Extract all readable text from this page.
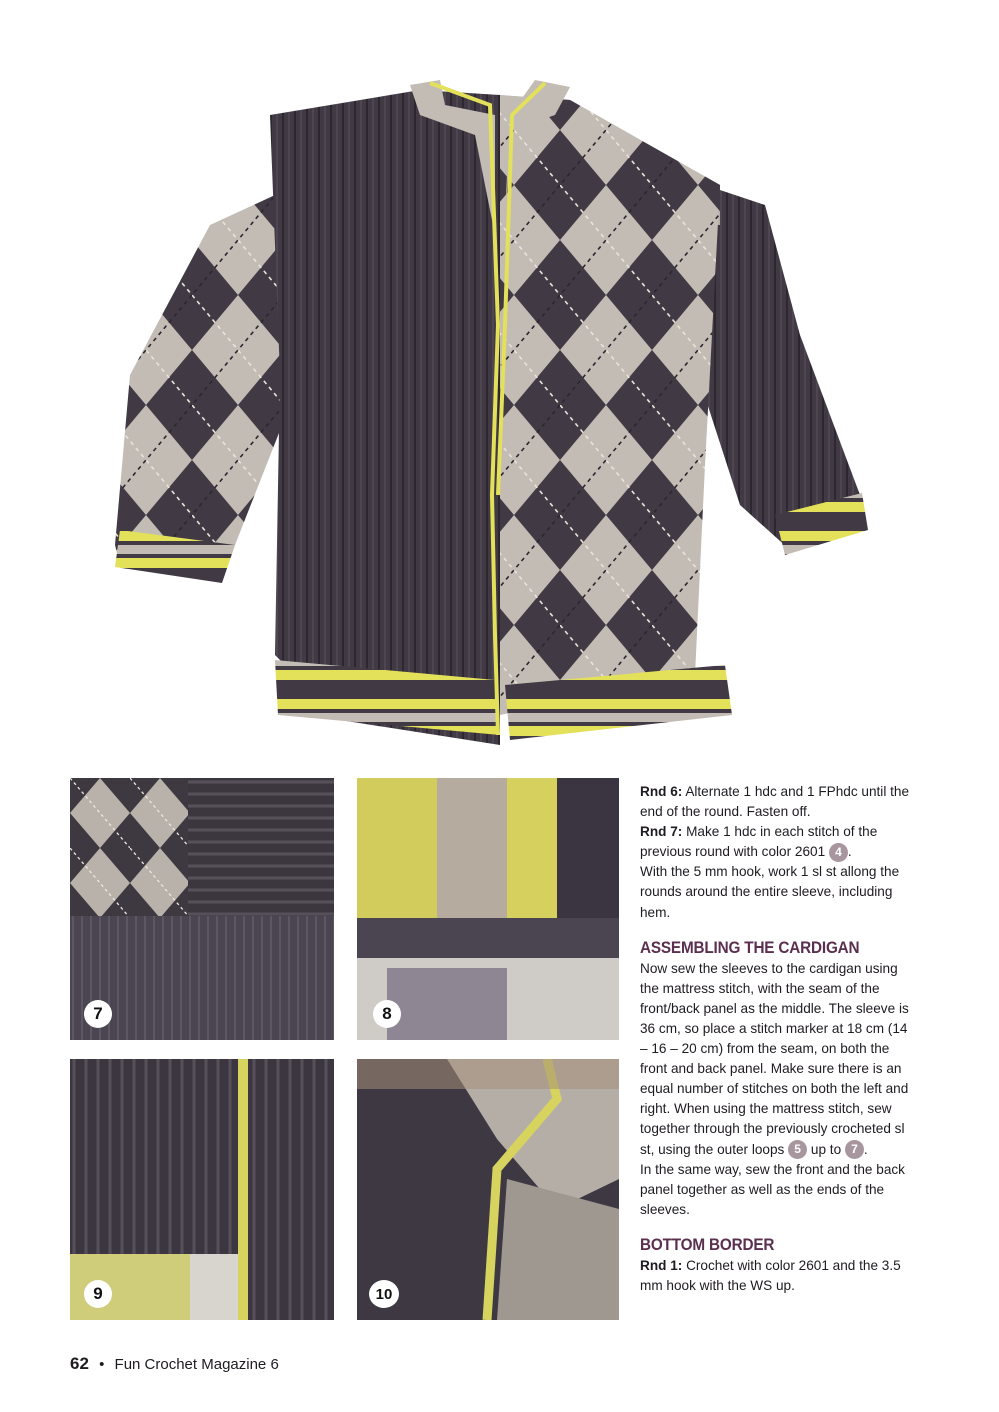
7	8
9	10

Rnd 6: Alternate 1 hdc and 1 FPhdc until the end of the round. Fasten off.

Rnd 7: Make 1 hdc in each stitch of the previous round with color 2601 4 .

With the 5 mm hook, work 1 sl st allong the rounds around the entire sleeve, including hem.

ASSEMBLING THE CARDIGAN

Now sew the sleeves to the cardigan using the mattress stitch, with the seam of the front/back panel as the middle. The sleeve is 36 cm, so place a stitch marker at 18 cm (14 – 16 – 20 cm) from the seam, on both the front and back panel. Make sure there is an equal number of stitches on both the left and right. When using the mattress stitch, sew together through the previously crocheted sl st, using the outer loops 5 up to 7 .

In the same way, sew the front and the back panel together as well as the ends of the sleeves.

BOTTOM BORDER

Rnd 1: Crochet with color 2601 and the 3.5 mm hook with the WS up.

62 • Fun Crochet Magazine 6
